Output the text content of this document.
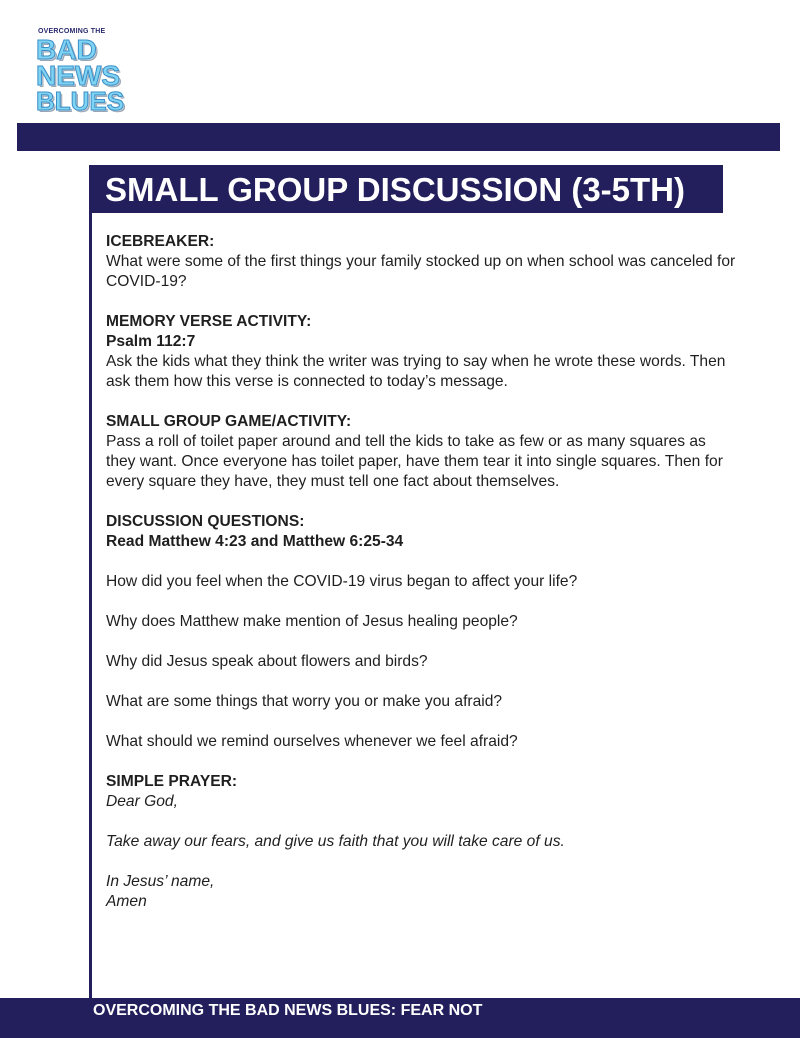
OVERCOMING THE
BAD
NEWS
BLUES
SMALL GROUP DISCUSSION (3-5TH)
ICEBREAKER:
What were some of the first things your family stocked up on when school was canceled for COVID-19?
MEMORY VERSE ACTIVITY:
Psalm 112:7
Ask the kids what they think the writer was trying to say when he wrote these words. Then ask them how this verse is connected to today’s message.
SMALL GROUP GAME/ACTIVITY:
Pass a roll of toilet paper around and tell the kids to take as few or as many squares as they want. Once everyone has toilet paper, have them tear it into single squares. Then for every square they have, they must tell one fact about themselves.
DISCUSSION QUESTIONS:
Read Matthew 4:23 and Matthew 6:25-34
How did you feel when the COVID-19 virus began to affect your life?
Why does Matthew make mention of Jesus healing people?
Why did Jesus speak about flowers and birds?
What are some things that worry you or make you afraid?
What should we remind ourselves whenever we feel afraid?
SIMPLE PRAYER:

Dear God,

Take away our fears, and give us faith that you will take care of us.

In Jesus’ name,

Amen

OVERCOMING THE BAD NEWS BLUES: FEAR NOT
